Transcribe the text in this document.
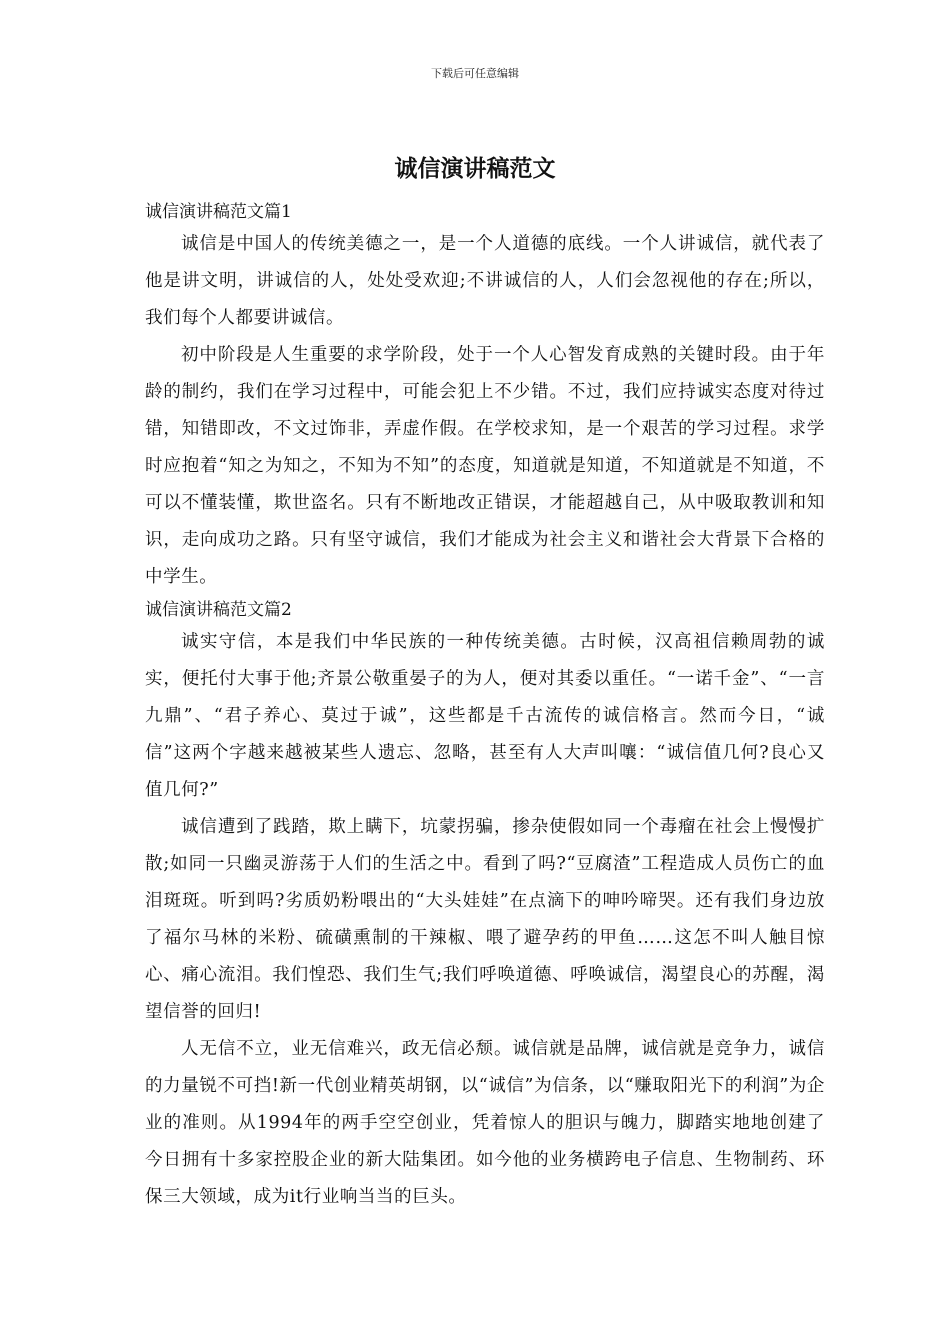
下载后可任意编辑
诚信演讲稿范文
诚信演讲稿范文篇1

诚信是中国人的传统美德之一，是一个人道德的底线。一个人讲诚信，就代表了他是讲文明，讲诚信的人，处处受欢迎;不讲诚信的人，人们会忽视他的存在;所以，我们每个人都要讲诚信。

初中阶段是人生重要的求学阶段，处于一个人心智发育成熟的关键时段。由于年龄的制约，我们在学习过程中，可能会犯上不少错。不过，我们应持诚实态度对待过错，知错即改，不文过饰非，弄虚作假。在学校求知，是一个艰苦的学习过程。求学时应抱着“知之为知之，不知为不知”的态度，知道就是知道，不知道就是不知道，不可以不懂装懂，欺世盗名。只有不断地改正错误，才能超越自己，从中吸取教训和知识，走向成功之路。只有坚守诚信，我们才能成为社会主义和谐社会大背景下合格的中学生。

诚信演讲稿范文篇2

诚实守信，本是我们中华民族的一种传统美德。古时候，汉高祖信赖周勃的诚实，便托付大事于他;齐景公敬重晏子的为人，便对其委以重任。“一诺千金”、“一言九鼎”、“君子养心、莫过于诚”，这些都是千古流传的诚信格言。然而今日，“诚信”这两个字越来越被某些人遗忘、忽略，甚至有人大声叫嚷：“诚信值几何?良心又值几何?”

诚信遭到了践踏，欺上瞒下，坑蒙拐骗，掺杂使假如同一个毒瘤在社会上慢慢扩散;如同一只幽灵游荡于人们的生活之中。看到了吗?“豆腐渣”工程造成人员伤亡的血泪斑斑。听到吗?劣质奶粉喂出的“大头娃娃”在点滴下的呻吟啼哭。还有我们身边放了福尔马林的米粉、硫磺熏制的干辣椒、喂了避孕药的甲鱼……这怎不叫人触目惊心、痛心流泪。我们惶恐、我们生气;我们呼唤道德、呼唤诚信，渴望良心的苏醒，渴望信誉的回归!

人无信不立，业无信难兴，政无信必颓。诚信就是品牌，诚信就是竞争力，诚信的力量锐不可挡!新一代创业精英胡钢，以“诚信”为信条，以“赚取阳光下的利润”为企业的准则。从1994年的两手空空创业，凭着惊人的胆识与魄力，脚踏实地地创建了今日拥有十多家控股企业的新大陆集团。如今他的业务横跨电子信息、生物制药、环保三大领域，成为it行业响当当的巨头。
